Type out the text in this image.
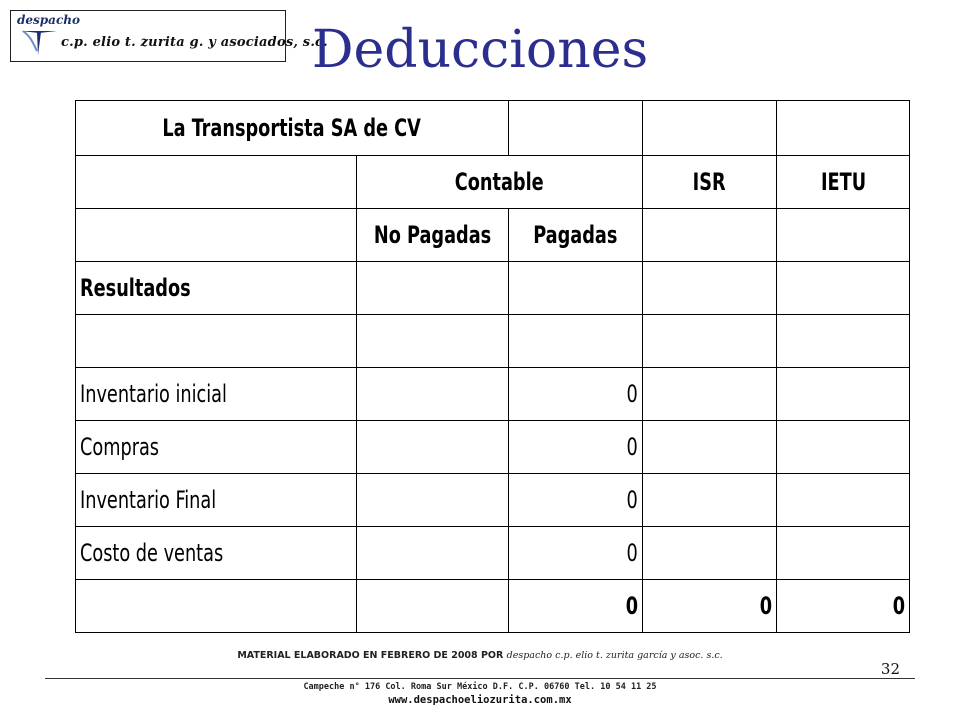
despacho
c.p. elio t. zurita g. y asociados, s.c.
Deducciones
La Transportista SA de CV				
	Contable		ISR	IETU
	No Pagadas	Pagadas		
Resultados				

Inventario inicial		0		
Compras		0		
Inventario Final		0		
Costo de ventas		0		
		0	0	0
MATERIAL ELABORADO EN FEBRERO DE 2008 POR despacho c.p. elio t. zurita garcía y asoc. s.c.
32
Campeche n° 176 Col. Roma Sur México D.F. C.P. 06760 Tel. 10 54 11 25
www.despachoeliozurita.com.mx
